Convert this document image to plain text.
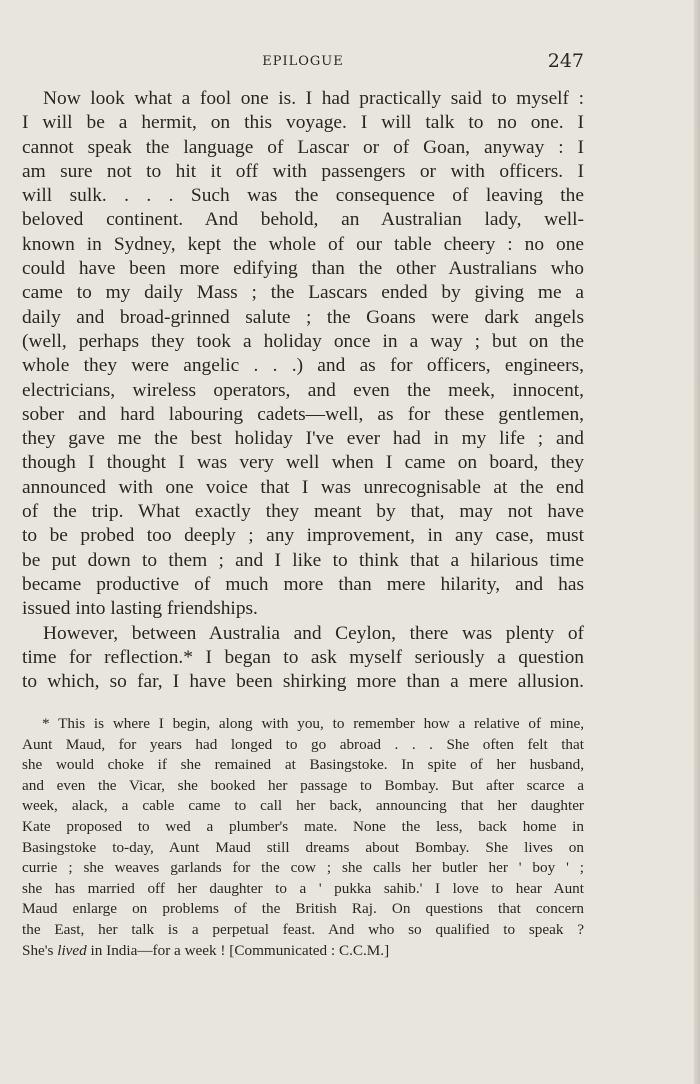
EPILOGUE	247
Now look what a fool one is. I had practically said to myself :
I will be a hermit, on this voyage. I will talk to no one. I
cannot speak the language of Lascar or of Goan, anyway : I
am sure not to hit it off with passengers or with officers. I
will sulk. . . . Such was the consequence of leaving the
beloved continent. And behold, an Australian lady, well-
known in Sydney, kept the whole of our table cheery : no one
could have been more edifying than the other Australians who
came to my daily Mass ; the Lascars ended by giving me a
daily and broad-grinned salute ; the Goans were dark angels
(well, perhaps they took a holiday once in a way ; but on the
whole they were angelic . . .) and as for officers, engineers,
electricians, wireless operators, and even the meek, innocent,
sober and hard labouring cadets—well, as for these gentlemen,
they gave me the best holiday I've ever had in my life ; and
though I thought I was very well when I came on board, they
announced with one voice that I was unrecognisable at the end
of the trip. What exactly they meant by that, may not have
to be probed too deeply ; any improvement, in any case, must
be put down to them ; and I like to think that a hilarious time
became productive of much more than mere hilarity, and has
issued into lasting friendships.
However, between Australia and Ceylon, there was plenty of
time for reflection.* I began to ask myself seriously a question
to which, so far, I have been shirking more than a mere allusion.
* This is where I begin, along with you, to remember how a relative of mine,
Aunt Maud, for years had longed to go abroad . . . She often felt that
she would choke if she remained at Basingstoke. In spite of her husband,
and even the Vicar, she booked her passage to Bombay. But after scarce a
week, alack, a cable came to call her back, announcing that her daughter
Kate proposed to wed a plumber's mate. None the less, back home in
Basingstoke to-day, Aunt Maud still dreams about Bombay. She lives on
currie ; she weaves garlands for the cow ; she calls her butler her ' boy ' ;
she has married off her daughter to a ' pukka sahib.' I love to hear Aunt
Maud enlarge on problems of the British Raj. On questions that concern
the East, her talk is a perpetual feast. And who so qualified to speak ?
She's lived in India—for a week ! [Communicated : C.C.M.]
